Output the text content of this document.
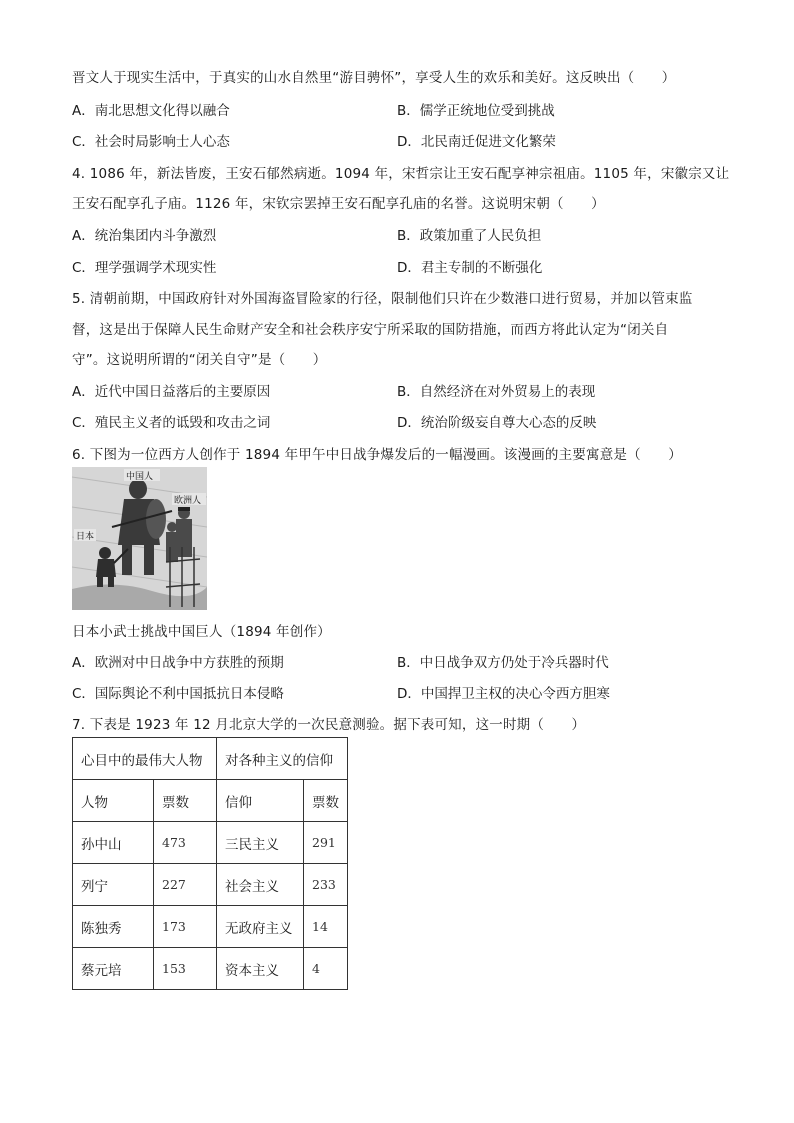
晋文人于现实生活中，于真实的山水自然里“游目骋怀”，享受人生的欢乐和美好。这反映出（　　）
A．南北思想文化得以融合	B．儒学正统地位受到挑战
C．社会时局影响士人心态	D．北民南迁促进文化繁荣
4. 1086 年，新法皆废，王安石郁然病逝。1094 年，宋哲宗让王安石配享神宗祖庙。1105 年，宋徽宗又让
王安石配享孔子庙。1126 年，宋钦宗罢掉王安石配享孔庙的名誉。这说明宋朝（　　）
A．统治集团内斗争激烈	B．政策加重了人民负担
C．理学强调学术现实性	D．君主专制的不断强化
5. 清朝前期，中国政府针对外国海盗冒险家的行径，限制他们只许在少数港口进行贸易，并加以管束监
督，这是出于保障人民生命财产安全和社会秩序安宁所采取的国防措施，而西方将此认定为“闭关自
守”。这说明所谓的“闭关自守”是（　　）
A．近代中国日益落后的主要原因	B．自然经济在对外贸易上的表现
C．殖民主义者的诋毁和攻击之词	D．统治阶级妄自尊大心态的反映
6. 下图为一位西方人创作于 1894 年甲午中日战争爆发后的一幅漫画。该漫画的主要寓意是（　　）
中国人
欧洲人
日本
日本小武士挑战中国巨人（1894 年创作）
A．欧洲对中日战争中方获胜的预期	B．中日战争双方仍处于冷兵器时代
C．国际舆论不利中国抵抗日本侵略	D．中国捍卫主权的决心令西方胆寒
7. 下表是 1923 年 12 月北京大学的一次民意测验。据下表可知，这一时期（　　）
心目中的最伟大人物		对各种主义的信仰	
人物	票数	信仰	票数
孙中山	473	三民主义	291
列宁	227	社会主义	233
陈独秀	173	无政府主义	14
蔡元培	153	资本主义	4
